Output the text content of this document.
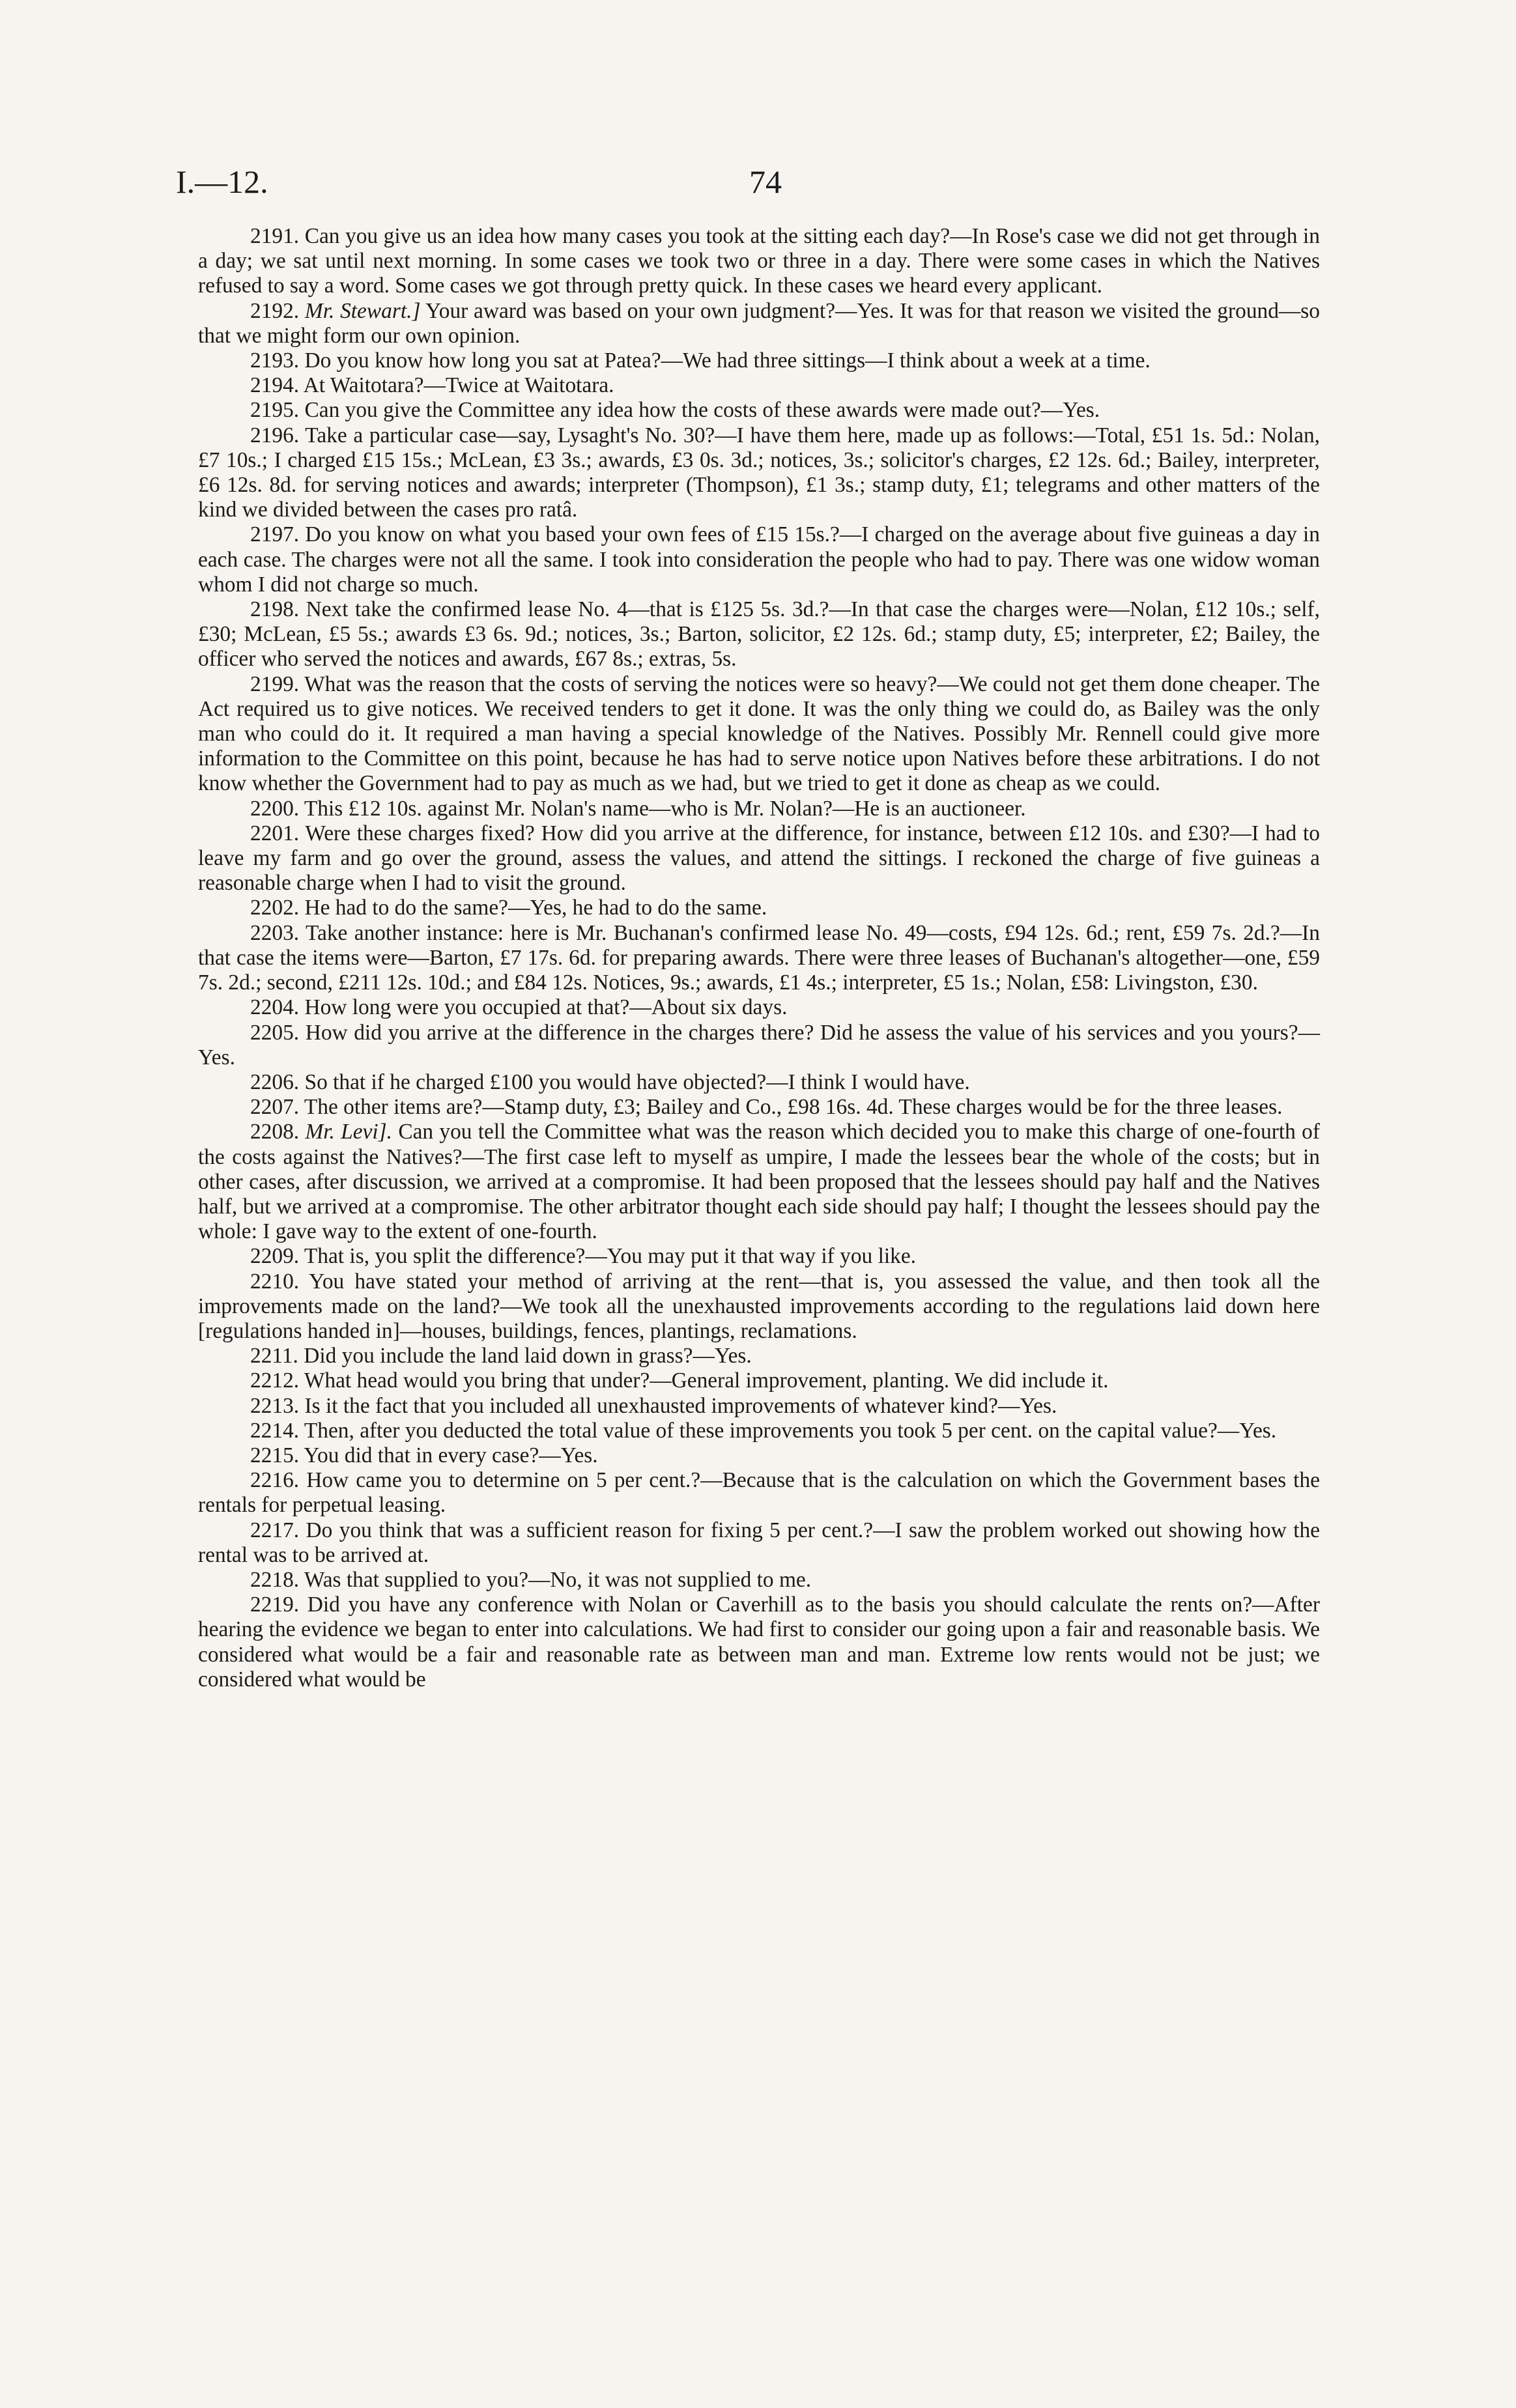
I.—12.	74

2191. Can you give us an idea how many cases you took at the sitting each day?—In Rose's case we did not get through in a day; we sat until next morning. In some cases we took two or three in a day. There were some cases in which the Natives refused to say a word. Some cases we got through pretty quick. In these cases we heard every applicant.

2192. Mr. Stewart.] Your award was based on your own judgment?—Yes. It was for that reason we visited the ground—so that we might form our own opinion.

2193. Do you know how long you sat at Patea?—We had three sittings—I think about a week at a time.

2194. At Waitotara?—Twice at Waitotara.

2195. Can you give the Committee any idea how the costs of these awards were made out?—Yes.

2196. Take a particular case—say, Lysaght's No. 30?—I have them here, made up as follows:—Total, £51 1s. 5d.: Nolan, £7 10s.; I charged £15 15s.; McLean, £3 3s.; awards, £3 0s. 3d.; notices, 3s.; solicitor's charges, £2 12s. 6d.; Bailey, interpreter, £6 12s. 8d. for serving notices and awards; interpreter (Thompson), £1 3s.; stamp duty, £1; telegrams and other matters of the kind we divided between the cases pro ratâ.

2197. Do you know on what you based your own fees of £15 15s.?—I charged on the average about five guineas a day in each case. The charges were not all the same. I took into consideration the people who had to pay. There was one widow woman whom I did not charge so much.

2198. Next take the confirmed lease No. 4—that is £125 5s. 3d.?—In that case the charges were—Nolan, £12 10s.; self, £30; McLean, £5 5s.; awards £3 6s. 9d.; notices, 3s.; Barton, solicitor, £2 12s. 6d.; stamp duty, £5; interpreter, £2; Bailey, the officer who served the notices and awards, £67 8s.; extras, 5s.

2199. What was the reason that the costs of serving the notices were so heavy?—We could not get them done cheaper. The Act required us to give notices. We received tenders to get it done. It was the only thing we could do, as Bailey was the only man who could do it. It required a man having a special knowledge of the Natives. Possibly Mr. Rennell could give more information to the Committee on this point, because he has had to serve notice upon Natives before these arbitrations. I do not know whether the Government had to pay as much as we had, but we tried to get it done as cheap as we could.

2200. This £12 10s. against Mr. Nolan's name—who is Mr. Nolan?—He is an auctioneer.

2201. Were these charges fixed? How did you arrive at the difference, for instance, between £12 10s. and £30?—I had to leave my farm and go over the ground, assess the values, and attend the sittings. I reckoned the charge of five guineas a reasonable charge when I had to visit the ground.

2202. He had to do the same?—Yes, he had to do the same.

2203. Take another instance: here is Mr. Buchanan's confirmed lease No. 49—costs, £94 12s. 6d.; rent, £59 7s. 2d.?—In that case the items were—Barton, £7 17s. 6d. for preparing awards. There were three leases of Buchanan's altogether—one, £59 7s. 2d.; second, £211 12s. 10d.; and £84 12s. Notices, 9s.; awards, £1 4s.; interpreter, £5 1s.; Nolan, £58: Livingston, £30.

2204. How long were you occupied at that?—About six days.

2205. How did you arrive at the difference in the charges there? Did he assess the value of his services and you yours?—Yes.

2206. So that if he charged £100 you would have objected?—I think I would have.

2207. The other items are?—Stamp duty, £3; Bailey and Co., £98 16s. 4d. These charges would be for the three leases.

2208. Mr. Levi]. Can you tell the Committee what was the reason which decided you to make this charge of one-fourth of the costs against the Natives?—The first case left to myself as umpire, I made the lessees bear the whole of the costs; but in other cases, after discussion, we arrived at a compromise. It had been proposed that the lessees should pay half and the Natives half, but we arrived at a compromise. The other arbitrator thought each side should pay half; I thought the lessees should pay the whole: I gave way to the extent of one-fourth.

2209. That is, you split the difference?—You may put it that way if you like.

2210. You have stated your method of arriving at the rent—that is, you assessed the value, and then took all the improvements made on the land?—We took all the unexhausted improvements according to the regulations laid down here [regulations handed in]—houses, buildings, fences, plantings, reclamations.

2211. Did you include the land laid down in grass?—Yes.

2212. What head would you bring that under?—General improvement, planting. We did include it.

2213. Is it the fact that you included all unexhausted improvements of whatever kind?—Yes.

2214. Then, after you deducted the total value of these improvements you took 5 per cent. on the capital value?—Yes.

2215. You did that in every case?—Yes.

2216. How came you to determine on 5 per cent.?—Because that is the calculation on which the Government bases the rentals for perpetual leasing.

2217. Do you think that was a sufficient reason for fixing 5 per cent.?—I saw the problem worked out showing how the rental was to be arrived at.

2218. Was that supplied to you?—No, it was not supplied to me.

2219. Did you have any conference with Nolan or Caverhill as to the basis you should calculate the rents on?—After hearing the evidence we began to enter into calculations. We had first to consider our going upon a fair and reasonable basis. We considered what would be a fair and reasonable rate as between man and man. Extreme low rents would not be just; we considered what would be
